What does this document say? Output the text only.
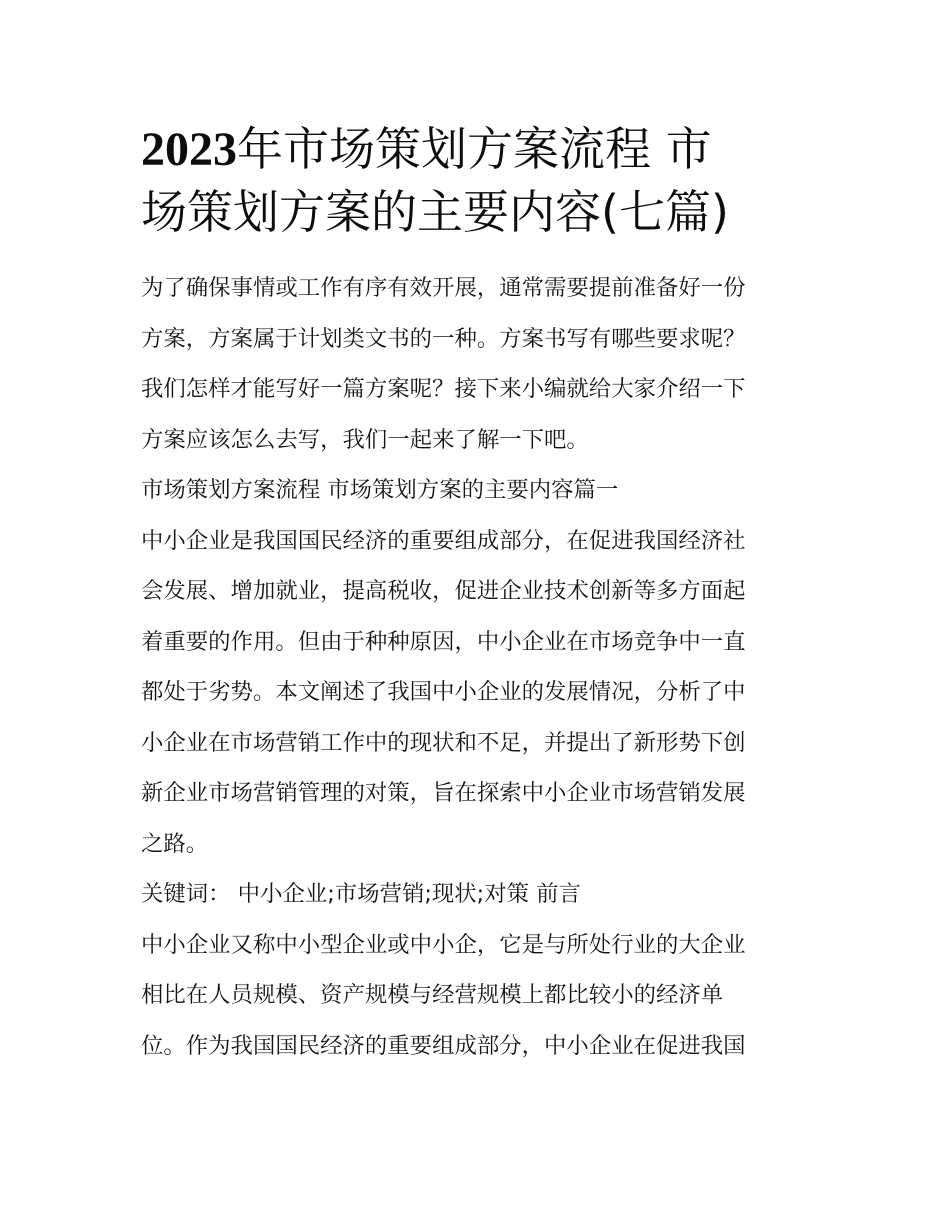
2023年市场策划方案流程 市
场策划方案的主要内容(七篇)
为了确保事情或工作有序有效开展，通常需要提前准备好一份
方案，方案属于计划类文书的一种。方案书写有哪些要求呢？
我们怎样才能写好一篇方案呢？接下来小编就给大家介绍一下
方案应该怎么去写，我们一起来了解一下吧。
市场策划方案流程 市场策划方案的主要内容篇一
中小企业是我国国民经济的重要组成部分，在促进我国经济社
会发展、增加就业，提高税收，促进企业技术创新等多方面起
着重要的作用。但由于种种原因，中小企业在市场竞争中一直
都处于劣势。本文阐述了我国中小企业的发展情况，分析了中
小企业在市场营销工作中的现状和不足，并提出了新形势下创
新企业市场营销管理的对策，旨在探索中小企业市场营销发展
之路。
关键词： 中小企业;市场营销;现状;对策 前言
中小企业又称中小型企业或中小企，它是与所处行业的大企业
相比在人员规模、资产规模与经营规模上都比较小的经济单
位。作为我国国民经济的重要组成部分，中小企业在促进我国
